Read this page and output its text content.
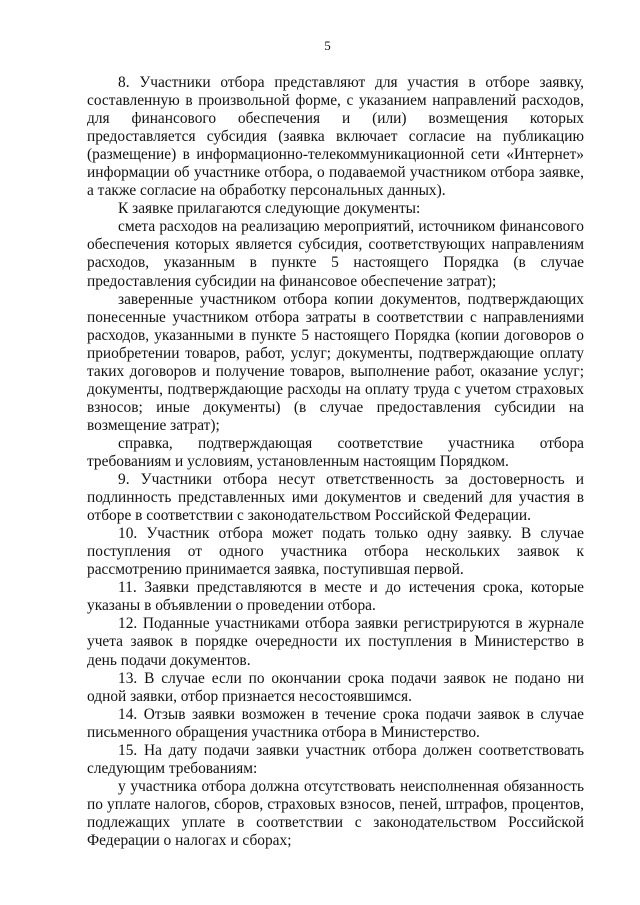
5

8. Участники отбора представляют для участия в отборе заявку, составленную в произвольной форме, с указанием направлений расходов, для финансового обеспечения и (или) возмещения которых предоставляется субсидия (заявка включает согласие на публикацию (размещение) в информационно-телекоммуникационной сети «Интернет» информации об участнике отбора, о подаваемой участником отбора заявке, а также согласие на обработку персональных данных).

К заявке прилагаются следующие документы:

смета расходов на реализацию мероприятий, источником финансового обеспечения которых является субсидия, соответствующих направлениям расходов, указанным в пункте 5 настоящего Порядка (в случае предоставления субсидии на финансовое обеспечение затрат);

заверенные участником отбора копии документов, подтверждающих понесенные участником отбора затраты в соответствии с направлениями расходов, указанными в пункте 5 настоящего Порядка (копии договоров о приобретении товаров, работ, услуг; документы, подтверждающие оплату таких договоров и получение товаров, выполнение работ, оказание услуг; документы, подтверждающие расходы на оплату труда с учетом страховых взносов; иные документы) (в случае предоставления субсидии на возмещение затрат);

справка, подтверждающая соответствие участника отбора требованиям и условиям, установленным настоящим Порядком.

9. Участники отбора несут ответственность за достоверность и подлинность представленных ими документов и сведений для участия в отборе в соответствии с законодательством Российской Федерации.

10. Участник отбора может подать только одну заявку. В случае поступления от одного участника отбора нескольких заявок к рассмотрению принимается заявка, поступившая первой.

11. Заявки представляются в месте и до истечения срока, которые указаны в объявлении о проведении отбора.

12. Поданные участниками отбора заявки регистрируются в журнале учета заявок в порядке очередности их поступления в Министерство в день подачи документов.

13. В случае если по окончании срока подачи заявок не подано ни одной заявки, отбор признается несостоявшимся.

14. Отзыв заявки возможен в течение срока подачи заявок в случае письменного обращения участника отбора в Министерство.

15. На дату подачи заявки участник отбора должен соответствовать следующим требованиям:

у участника отбора должна отсутствовать неисполненная обязанность по уплате налогов, сборов, страховых взносов, пеней, штрафов, процентов, подлежащих уплате в соответствии с законодательством Российской Федерации о налогах и сборах;
